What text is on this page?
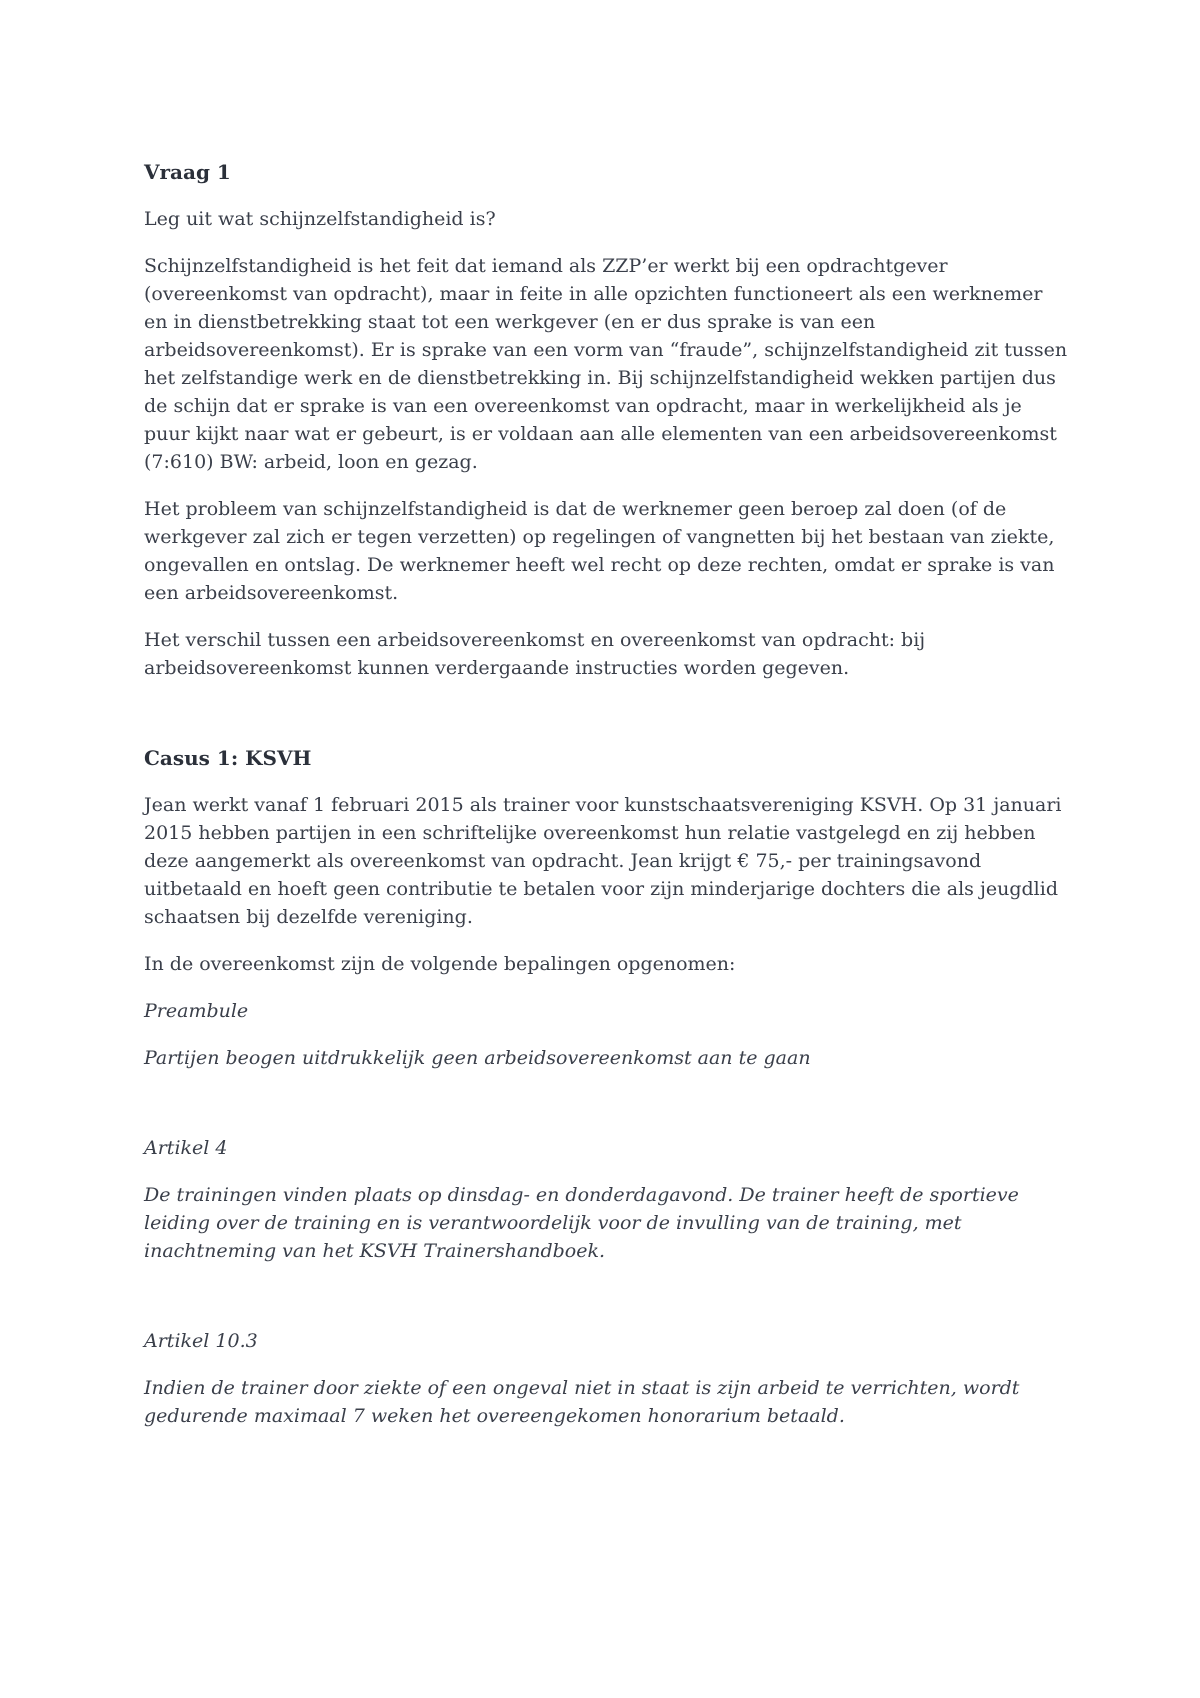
Vraag 1

Leg uit wat schijnzelfstandigheid is?

Schijnzelfstandigheid is het feit dat iemand als ZZP’er werkt bij een opdrachtgever (overeenkomst van opdracht), maar in feite in alle opzichten functioneert als een werknemer en in dienstbetrekking staat tot een werkgever (en er dus sprake is van een arbeidsovereenkomst). Er is sprake van een vorm van “fraude”, schijnzelfstandigheid zit tussen het zelfstandige werk en de dienstbetrekking in. Bij schijnzelfstandigheid wekken partijen dus de schijn dat er sprake is van een overeenkomst van opdracht, maar in werkelijkheid als je puur kijkt naar wat er gebeurt, is er voldaan aan alle elementen van een arbeidsovereenkomst (7:610) BW: arbeid, loon en gezag.

Het probleem van schijnzelfstandigheid is dat de werknemer geen beroep zal doen (of de werkgever zal zich er tegen verzetten) op regelingen of vangnetten bij het bestaan van ziekte, ongevallen en ontslag. De werknemer heeft wel recht op deze rechten, omdat er sprake is van een arbeidsovereenkomst.

Het verschil tussen een arbeidsovereenkomst en overeenkomst van opdracht: bij arbeidsovereenkomst kunnen verdergaande instructies worden gegeven.

Casus 1: KSVH

Jean werkt vanaf 1 februari 2015 als trainer voor kunstschaatsvereniging KSVH. Op 31 januari 2015 hebben partijen in een schriftelijke overeenkomst hun relatie vastgelegd en zij hebben deze aangemerkt als overeenkomst van opdracht. Jean krijgt € 75,- per trainingsavond uitbetaald en hoeft geen contributie te betalen voor zijn minderjarige dochters die als jeugdlid schaatsen bij dezelfde vereniging.

In de overeenkomst zijn de volgende bepalingen opgenomen:

Preambule

Partijen beogen uitdrukkelijk geen arbeidsovereenkomst aan te gaan

Artikel 4

De trainingen vinden plaats op dinsdag- en donderdagavond. De trainer heeft de sportieve leiding over de training en is verantwoordelijk voor de invulling van de training, met inachtneming van het KSVH Trainershandboek.

Artikel 10.3

Indien de trainer door ziekte of een ongeval niet in staat is zijn arbeid te verrichten, wordt gedurende maximaal 7 weken het overeengekomen honorarium betaald.
